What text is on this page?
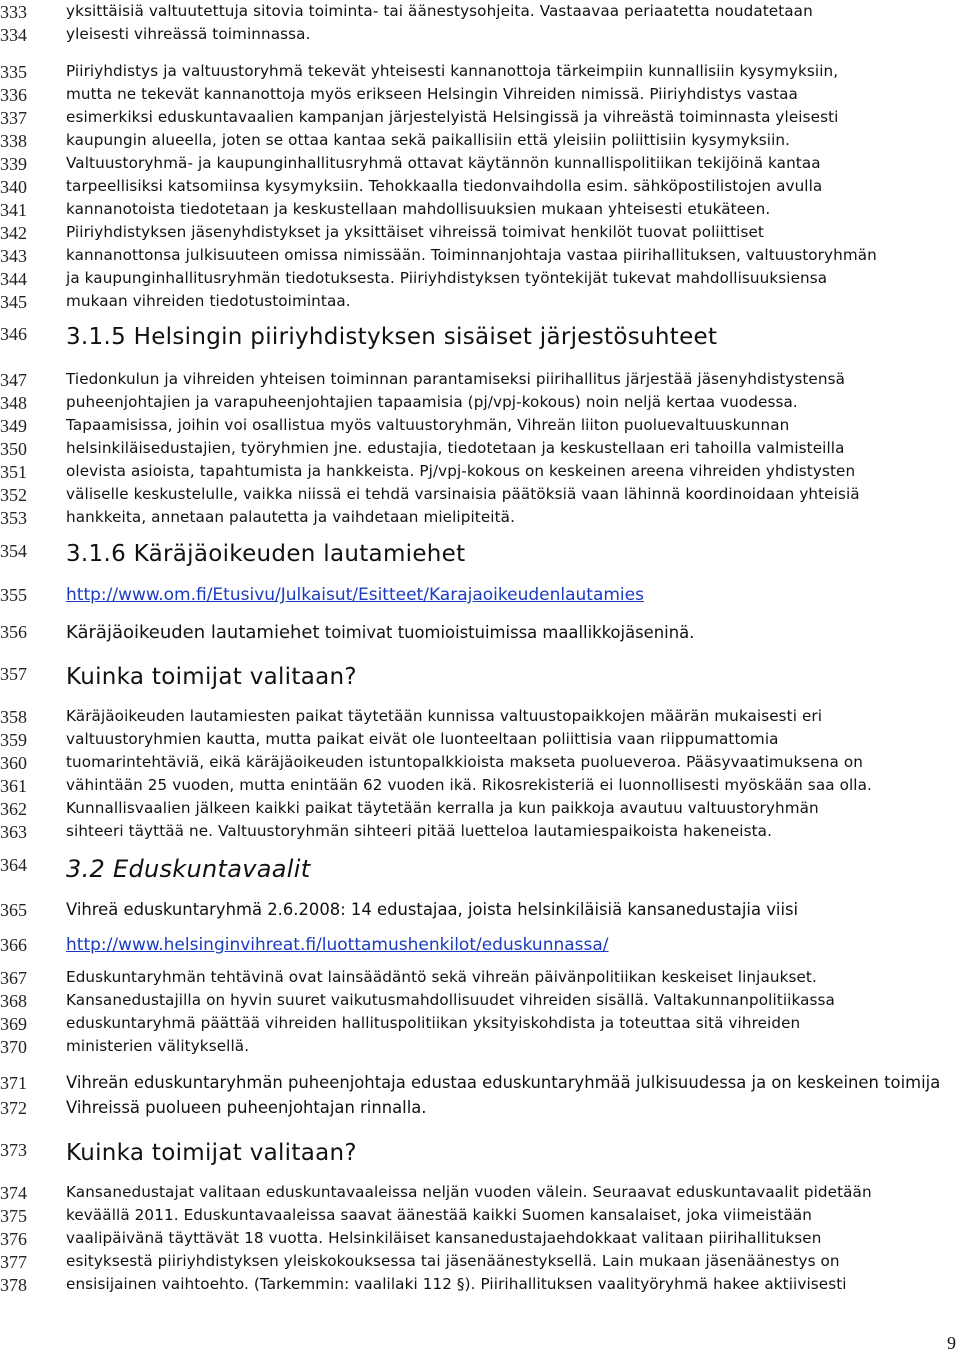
333	yksittäisiä valtuutettuja sitovia toiminta- tai äänestysohjeita. Vastaavaa periaatetta noudatetaan
334	yleisesti vihreässä toiminnassa.
335	Piiriyhdistys ja valtuustoryhmä tekevät yhteisesti kannanottoja tärkeimpiin kunnallisiin kysymyksiin,
336	mutta ne tekevät kannanottoja myös erikseen Helsingin Vihreiden nimissä. Piiriyhdistys vastaa
337	esimerkiksi eduskuntavaalien kampanjan järjestelyistä Helsingissä ja vihreästä toiminnasta yleisesti
338	kaupungin alueella, joten se ottaa kantaa sekä paikallisiin että yleisiin poliittisiin kysymyksiin.
339	Valtuustoryhmä- ja kaupunginhallitusryhmä ottavat käytännön kunnallispolitiikan tekijöinä kantaa
340	tarpeellisiksi katsomiinsa kysymyksiin. Tehokkaalla tiedonvaihdolla esim. sähköpostilistojen avulla
341	kannanotoista tiedotetaan ja keskustellaan mahdollisuuksien mukaan yhteisesti etukäteen.
342	Piiriyhdistyksen jäsenyhdistykset ja yksittäiset vihreissä toimivat henkilöt tuovat poliittiset
343	kannanottonsa julkisuuteen omissa nimissään. Toiminnanjohtaja vastaa piirihallituksen, valtuustoryhmän
344	ja kaupunginhallitusryhmän tiedotuksesta. Piiriyhdistyksen työntekijät tukevat mahdollisuuksiensa
345	mukaan vihreiden tiedotustoimintaa.
346	3.1.5 Helsingin piiriyhdistyksen sisäiset järjestösuhteet
347	Tiedonkulun ja vihreiden yhteisen toiminnan parantamiseksi piirihallitus järjestää jäsenyhdistystensä
348	puheenjohtajien ja varapuheenjohtajien tapaamisia (pj/vpj-kokous) noin neljä kertaa vuodessa.
349	Tapaamisissa, joihin voi osallistua myös valtuustoryhmän, Vihreän liiton puoluevaltuuskunnan
350	helsinkiläisedustajien, työryhmien jne. edustajia, tiedotetaan ja keskustellaan eri tahoilla valmisteilla
351	olevista asioista, tapahtumista ja hankkeista. Pj/vpj-kokous on keskeinen areena vihreiden yhdistysten
352	väliselle keskustelulle, vaikka niissä ei tehdä varsinaisia päätöksiä vaan lähinnä koordinoidaan yhteisiä
353	hankkeita, annetaan palautetta ja vaihdetaan mielipiteitä.
354	3.1.6 Käräjäoikeuden lautamiehet
355	http://www.om.fi/Etusivu/Julkaisut/Esitteet/Karajaoikeudenlautamies
356	Käräjäoikeuden lautamiehet toimivat tuomioistuimissa maallikkojäseninä.
357	Kuinka toimijat valitaan?
358	Käräjäoikeuden lautamiesten paikat täytetään kunnissa valtuustopaikkojen määrän mukaisesti eri
359	valtuustoryhmien kautta, mutta paikat eivät ole luonteeltaan poliittisia vaan riippumattomia
360	tuomarintehtäviä, eikä käräjäoikeuden istuntopalkkioista makseta puolueveroa. Pääsyvaatimuksena on
361	vähintään 25 vuoden, mutta enintään 62 vuoden ikä. Rikosrekisteriä ei luonnollisesti myöskään saa olla.
362	Kunnallisvaalien jälkeen kaikki paikat täytetään kerralla ja kun paikkoja avautuu valtuustoryhmän
363	sihteeri täyttää ne. Valtuustoryhmän sihteeri pitää luetteloa lautamiespaikoista hakeneista.
364	3.2 Eduskuntavaalit
365	Vihreä eduskuntaryhmä 2.6.2008: 14 edustajaa, joista helsinkiläisiä kansanedustajia viisi
366	http://www.helsinginvihreat.fi/luottamushenkilot/eduskunnassa/
367	Eduskuntaryhmän tehtävinä ovat lainsäädäntö sekä vihreän päivänpolitiikan keskeiset linjaukset.
368	Kansanedustajilla on hyvin suuret vaikutusmahdollisuudet vihreiden sisällä. Valtakunnanpolitiikassa
369	eduskuntaryhmä päättää vihreiden hallituspolitiikan yksityiskohdista ja toteuttaa sitä vihreiden
370	ministerien välityksellä.
371	Vihreän eduskuntaryhmän puheenjohtaja edustaa eduskuntaryhmää julkisuudessa ja on keskeinen toimija
372	Vihreissä puolueen puheenjohtajan rinnalla.
373	Kuinka toimijat valitaan?
374	Kansanedustajat valitaan eduskuntavaaleissa neljän vuoden välein. Seuraavat eduskuntavaalit pidetään
375	keväällä 2011. Eduskuntavaaleissa saavat äänestää kaikki Suomen kansalaiset, joka viimeistään
376	vaalipäivänä täyttävät 18 vuotta. Helsinkiläiset kansanedustajaehdokkaat valitaan piirihallituksen
377	esityksestä piiriyhdistyksen yleiskokouksessa tai jäsenäänestyksellä. Lain mukaan jäsenäänestys on
378	ensisijainen vaihtoehto. (Tarkemmin: vaalilaki 112 §). Piirihallituksen vaalityöryhmä hakee aktiivisesti
9
